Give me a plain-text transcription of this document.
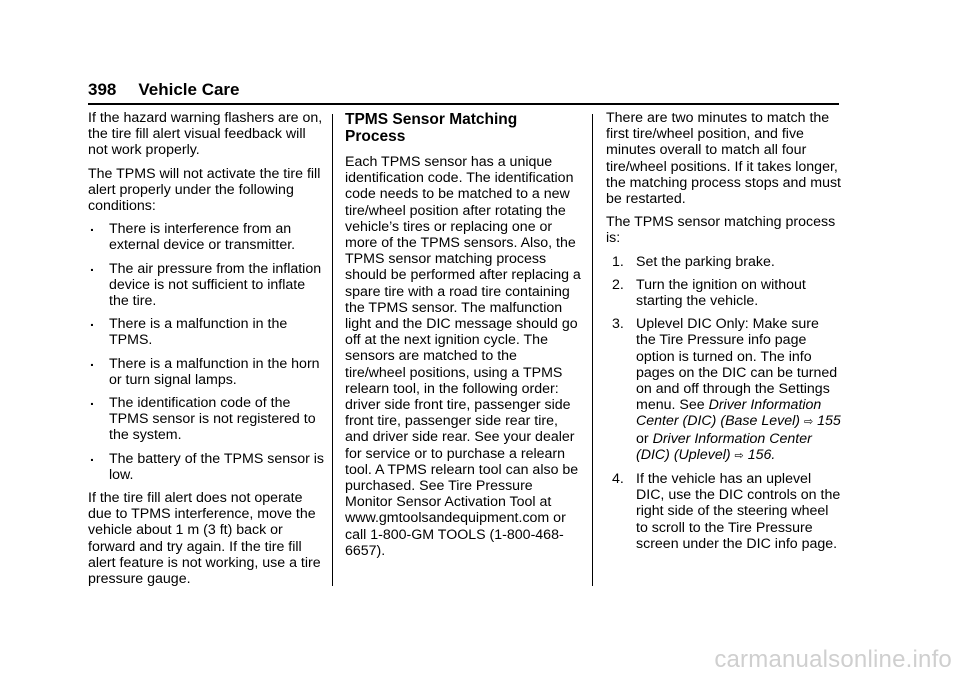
398 Vehicle Care

If the hazard warning flashers are on, the tire fill alert visual feedback will not work properly.

The TPMS will not activate the tire fill alert properly under the following conditions:

. There is interference from an external device or transmitter.
. The air pressure from the inflation device is not sufficient to inflate the tire.
. There is a malfunction in the TPMS.
. There is a malfunction in the horn or turn signal lamps.
. The identification code of the TPMS sensor is not registered to the system.
. The battery of the TPMS sensor is low.

If the tire fill alert does not operate due to TPMS interference, move the vehicle about 1 m (3 ft) back or forward and try again. If the tire fill alert feature is not working, use a tire pressure gauge.

TPMS Sensor Matching Process

Each TPMS sensor has a unique identification code. The identification code needs to be matched to a new tire/wheel position after rotating the vehicle’s tires or replacing one or more of the TPMS sensors. Also, the TPMS sensor matching process should be performed after replacing a spare tire with a road tire containing the TPMS sensor. The malfunction light and the DIC message should go off at the next ignition cycle. The sensors are matched to the tire/wheel positions, using a TPMS relearn tool, in the following order: driver side front tire, passenger side front tire, passenger side rear tire, and driver side rear. See your dealer for service or to purchase a relearn tool. A TPMS relearn tool can also be purchased. See Tire Pressure Monitor Sensor Activation Tool at www.gmtoolsandequipment.com or call 1-800-GM TOOLS (1-800-468-6657).

There are two minutes to match the first tire/wheel position, and five minutes overall to match all four tire/wheel positions. If it takes longer, the matching process stops and must be restarted.

The TPMS sensor matching process is:

1. Set the parking brake.
2. Turn the ignition on without starting the vehicle.
3. Uplevel DIC Only: Make sure the Tire Pressure info page option is turned on. The info pages on the DIC can be turned on and off through the Settings menu. See Driver Information Center (DIC) (Base Level) ⇨ 155 or Driver Information Center (DIC) (Uplevel) ⇨ 156.
4. If the vehicle has an uplevel DIC, use the DIC controls on the right side of the steering wheel to scroll to the Tire Pressure screen under the DIC info page.
carmanualsonline.info
